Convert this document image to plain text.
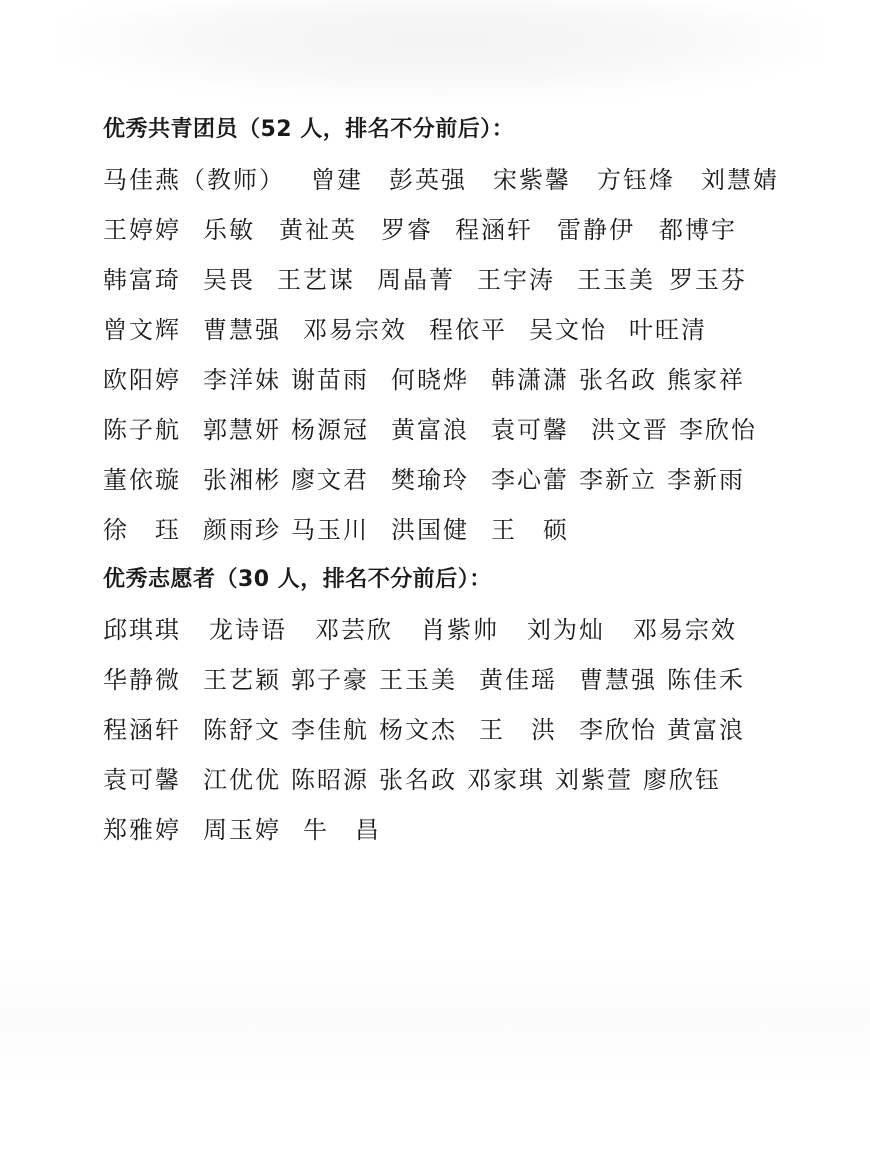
优秀共青团员（52 人，排名不分前后）：
马佳燕（教师） 曾建 彭英强 宋紫馨 方钰烽 刘慧婧
王婷婷 乐敏 黄祉英 罗睿 程涵轩 雷静伊 都博宇
韩富琦 吴畏 王艺谋 周晶菁 王宇涛 王玉美 罗玉芬
曾文辉 曹慧强 邓易宗效 程依平 吴文怡 叶旺清
欧阳婷 李洋妹 谢苗雨 何晓烨 韩潇潇 张名政 熊家祥
陈子航 郭慧妍 杨源冠 黄富浪 袁可馨 洪文晋 李欣怡
董依璇 张湘彬 廖文君 樊瑜玲 李心蕾 李新立 李新雨
徐　珏 颜雨珍 马玉川 洪国健 王　硕
优秀志愿者（30 人，排名不分前后）：
邱琪琪 龙诗语 邓芸欣 肖紫帅 刘为灿 邓易宗效
华静微 王艺颖 郭子豪 王玉美 黄佳瑶 曹慧强 陈佳禾
程涵轩 陈舒文 李佳航 杨文杰 王　洪 李欣怡 黄富浪
袁可馨 江优优 陈昭源 张名政 邓家琪 刘紫萱 廖欣钰
郑雅婷 周玉婷 牛　昌
